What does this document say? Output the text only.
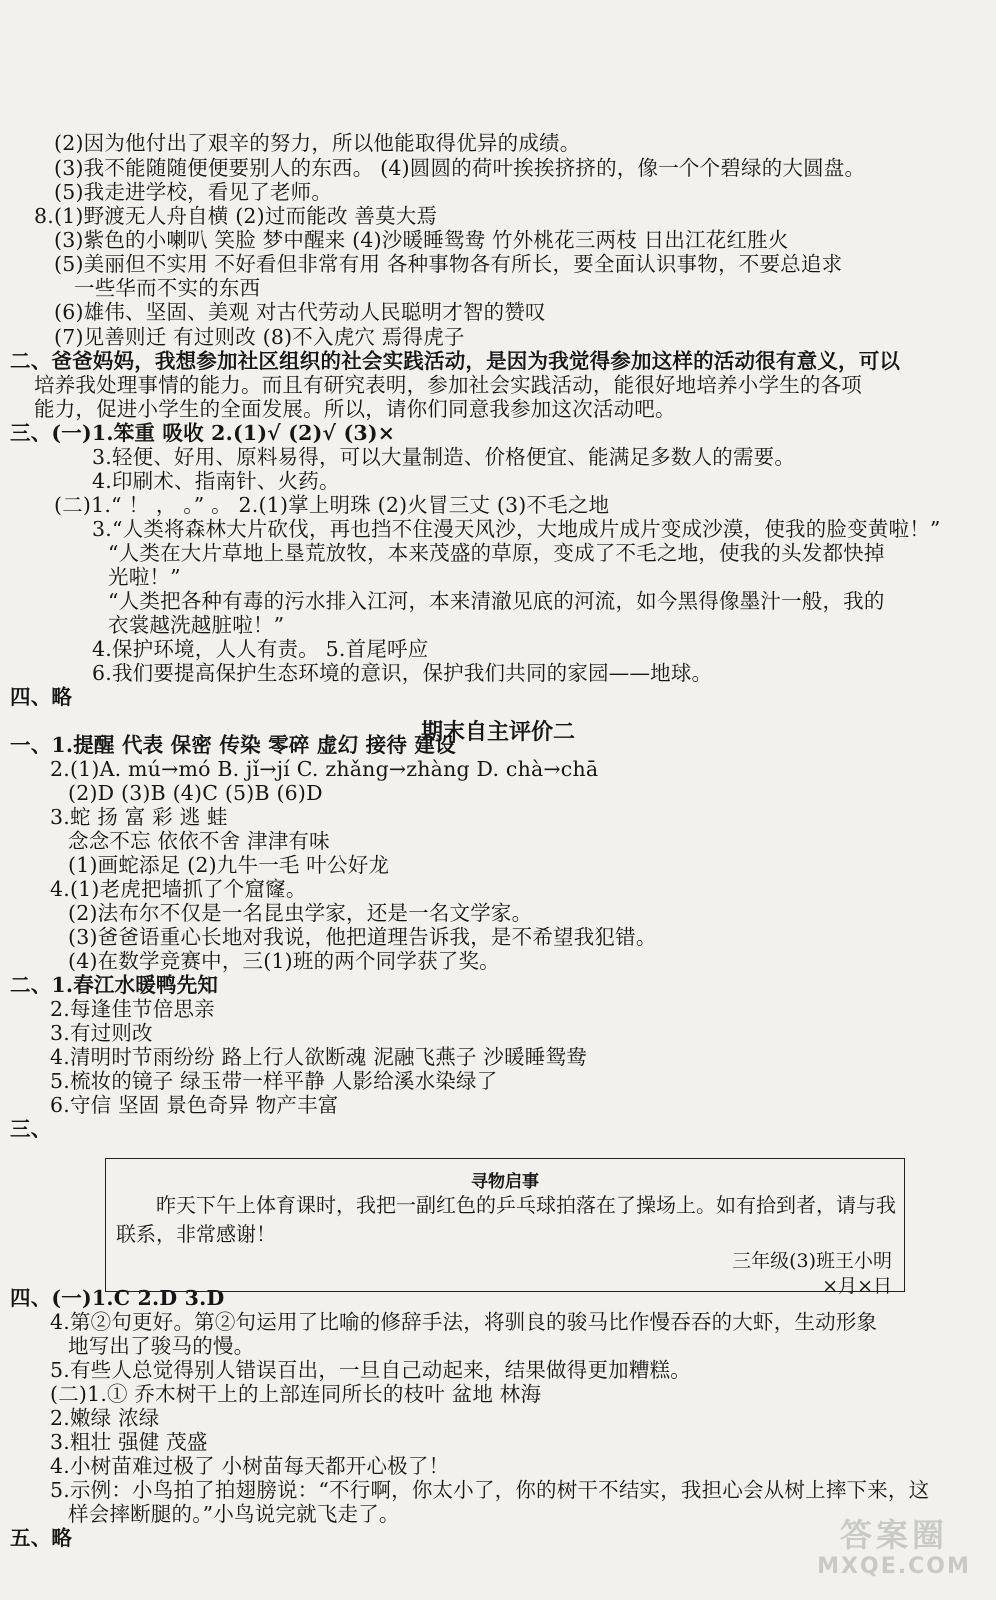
(2)因为他付出了艰辛的努力，所以他能取得优异的成绩。
(3)我不能随随便便要别人的东西。 (4)圆圆的荷叶挨挨挤挤的，像一个个碧绿的大圆盘。
(5)我走进学校，看见了老师。
8.(1)野渡无人舟自横 (2)过而能改 善莫大焉
(3)紫色的小喇叭 笑脸 梦中醒来 (4)沙暖睡鸳鸯 竹外桃花三两枝 日出江花红胜火
(5)美丽但不实用 不好看但非常有用 各种事物各有所长，要全面认识事物，不要总追求
一些华而不实的东西
(6)雄伟、坚固、美观 对古代劳动人民聪明才智的赞叹
(7)见善则迁 有过则改 (8)不入虎穴 焉得虎子
二、爸爸妈妈，我想参加社区组织的社会实践活动，是因为我觉得参加这样的活动很有意义，可以
培养我处理事情的能力。而且有研究表明，参加社会实践活动，能很好地培养小学生的各项
能力，促进小学生的全面发展。所以，请你们同意我参加这次活动吧。
三、(一)1.笨重 吸收 2.(1)√ (2)√ (3)×
3.轻便、好用、原料易得，可以大量制造、价格便宜、能满足多数人的需要。
4.印刷术、指南针、火药。
(二)1.“ ！ ， 。” 。 2.(1)掌上明珠 (2)火冒三丈 (3)不毛之地
3.“人类将森林大片砍伐，再也挡不住漫天风沙，大地成片成片变成沙漠，使我的脸变黄啦！”
“人类在大片草地上垦荒放牧，本来茂盛的草原，变成了不毛之地，使我的头发都快掉
光啦！”
“人类把各种有毒的污水排入江河，本来清澈见底的河流，如今黑得像墨汁一般，我的
衣裳越洗越脏啦！”
4.保护环境，人人有责。 5.首尾呼应
6.我们要提高保护生态环境的意识，保护我们共同的家园——地球。
四、略
一、1.提醒 代表 保密 传染 零碎 虚幻 接待 建设
2.(1)A. mú→mó B. jǐ→jí C. zhǎng→zhàng D. chà→chā
(2)D (3)B (4)C (5)B (6)D
3.蛇 扬 富 彩 逃 蛙
念念不忘 依依不舍 津津有味
(1)画蛇添足 (2)九牛一毛 叶公好龙
4.(1)老虎把墙抓了个窟窿。
(2)法布尔不仅是一名昆虫学家，还是一名文学家。
(3)爸爸语重心长地对我说，他把道理告诉我，是不希望我犯错。
(4)在数学竞赛中，三(1)班的两个同学获了奖。
二、1.春江水暖鸭先知
2.每逢佳节倍思亲
3.有过则改
4.清明时节雨纷纷 路上行人欲断魂 泥融飞燕子 沙暖睡鸳鸯
5.梳妆的镜子 绿玉带一样平静 人影给溪水染绿了
6.守信 坚固 景色奇异 物产丰富
三、
四、(一)1.C 2.D 3.D
4.第②句更好。第②句运用了比喻的修辞手法，将驯良的骏马比作慢吞吞的大虾，生动形象
地写出了骏马的慢。
5.有些人总觉得别人错误百出，一旦自己动起来，结果做得更加糟糕。
(二)1.① 乔木树干上的上部连同所长的枝叶 盆地 林海
2.嫩绿 浓绿
3.粗壮 强健 茂盛
4.小树苗难过极了 小树苗每天都开心极了！
5.示例：小鸟拍了拍翅膀说：“不行啊，你太小了，你的树干不结实，我担心会从树上摔下来，这
样会摔断腿的。”小鸟说完就飞走了。
五、略
期末自主评价二
寻物启事
昨天下午上体育课时，我把一副红色的乒乓球拍落在了操场上。如有拾到者，请与我联系，非常感谢！
三年级(3)班王小明
×月×日
答案圈
MXQE.COM
